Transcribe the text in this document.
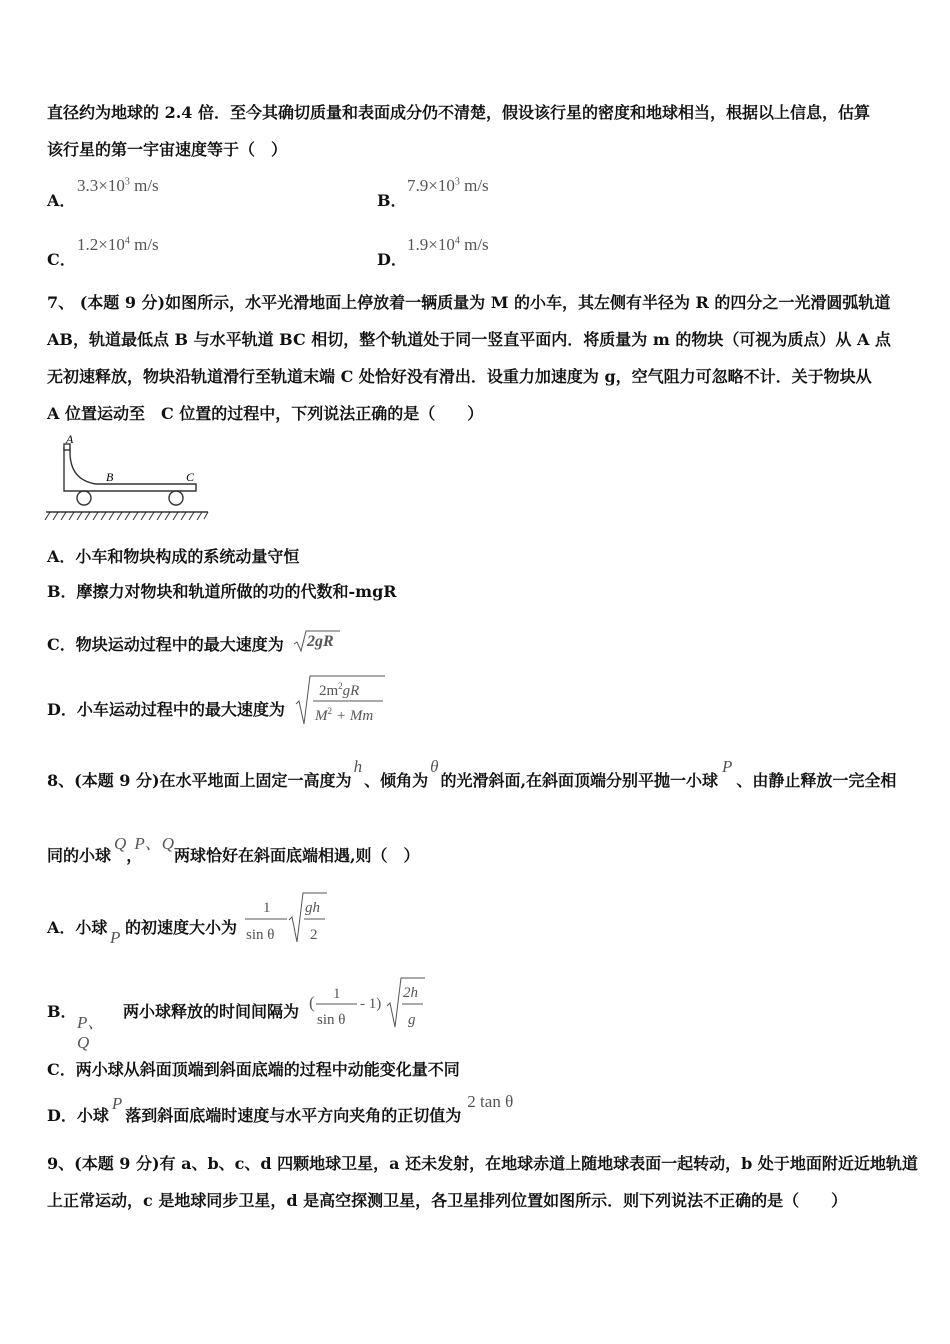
直径约为地球的 2.4 倍．至今其确切质量和表面成分仍不清楚，假设该行星的密度和地球相当，根据以上信息，估算
该行星的第一宇宙速度等于（　）
A．
$3.3\times 10^3$ m/s
B．
$7.9\times 10^3$ m/s
C．
$1.2\times 10^4$ m/s
D．
$1.9\times 10^4$ m/s
7、 (本题 9 分)如图所示，水平光滑地面上停放着一辆质量为 M 的小车，其左侧有半径为 R 的四分之一光滑圆弧轨道
AB，轨道最低点 B 与水平轨道 BC 相切，整个轨道处于同一竖直平面内．将质量为 m 的物块（可视为质点）从 A 点
无初速释放，物块沿轨道滑行至轨道末端 C 处恰好没有滑出．设重力加速度为 g，空气阻力可忽略不计．关于物块从
A 位置运动至　C 位置的过程中，下列说法正确的是（　　）
A
B	C
A．小车和物块构成的系统动量守恒
B．摩擦力对物块和轨道所做的功的代数和-mgR
C．物块运动过程中的最大速度为 2gR
D．小车运动过程中的最大速度为
$2m^2gR$
$M^2 + Mm$
8、(本题 9 分)在水平地面上固定一高度为h、倾角为θ的光滑斜面,在斜面顶端分别平抛一小球P、由静止释放一完全相
同的小球Q，P、Q两球恰好在斜面底端相遇,则（　）
A．小球
P
的初速度大小为
1
sin θ
gh
2
B．
P、Q
两小球释放的时间间隔为 ( 1
sin θ
- 1)
2h
g
C．两小球从斜面顶端到斜面底端的过程中动能变化量不同
D．小球P落到斜面底端时速度与水平方向夹角的正切值为2 tan θ
9、(本题 9 分)有 a、b、c、d 四颗地球卫星，a 还未发射，在地球赤道上随地球表面一起转动，b 处于地面附近近地轨道
上正常运动，c 是地球同步卫星，d 是高空探测卫星，各卫星排列位置如图所示．则下列说法不正确的是（　　）
